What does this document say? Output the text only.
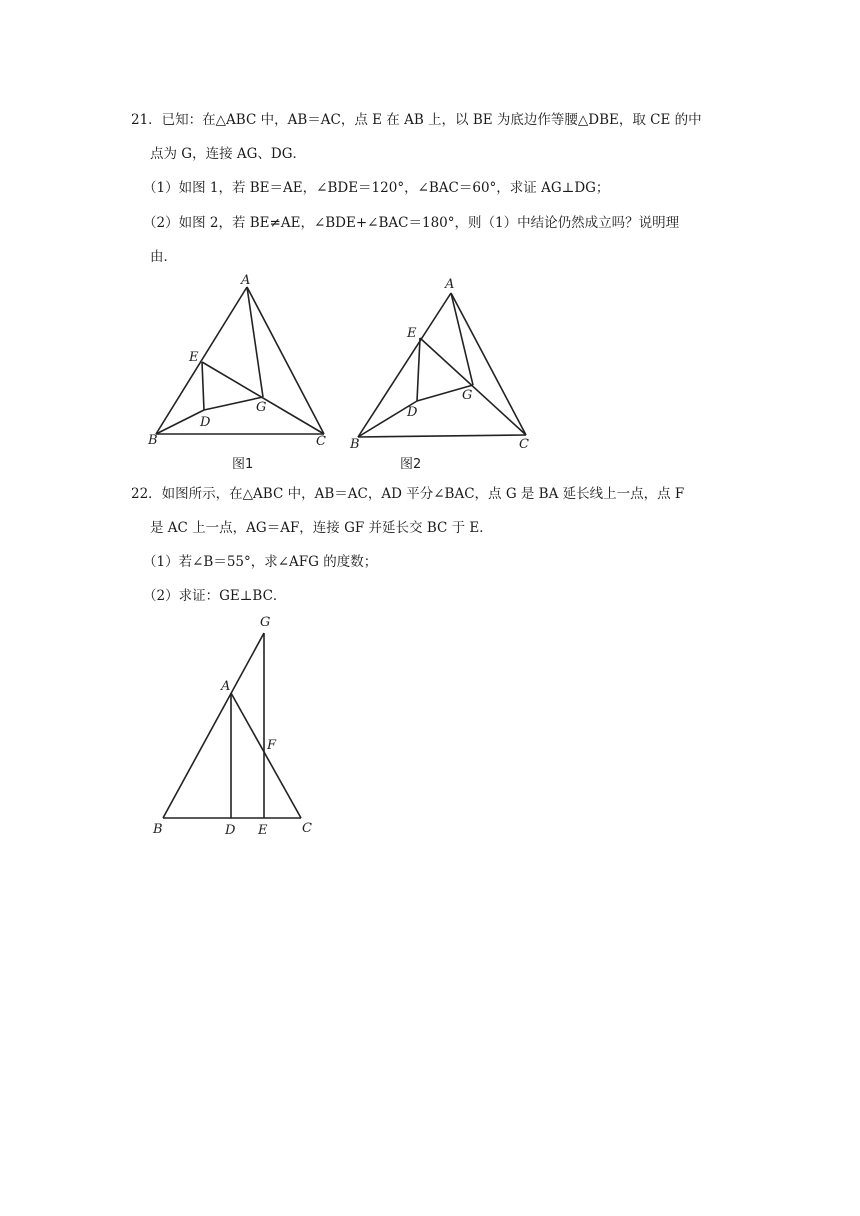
21．已知：在△ABC 中，AB＝AC，点 E 在 AB 上，以 BE 为底边作等腰△DBE，取 CE 的中
点为 G，连接 AG、DG．
（1）如图 1，若 BE＝AE，∠BDE＝120°，∠BAC＝60°，求证 AG⊥DG；
（2）如图 2，若 BE≠AE，∠BDE+∠BAC＝180°，则（1）中结论仍然成立吗？说明理
由．
A
E
G
D
B	C
图1
A
E
G
D
B	C
图2
22．如图所示，在△ABC 中，AB＝AC，AD 平分∠BAC，点 G 是 BA 延长线上一点，点 F
是 AC 上一点，AG＝AF，连接 GF 并延长交 BC 于 E．
（1）若∠B＝55°，求∠AFG 的度数；
（2）求证：GE⊥BC．
G
A
F
B	D E	C
